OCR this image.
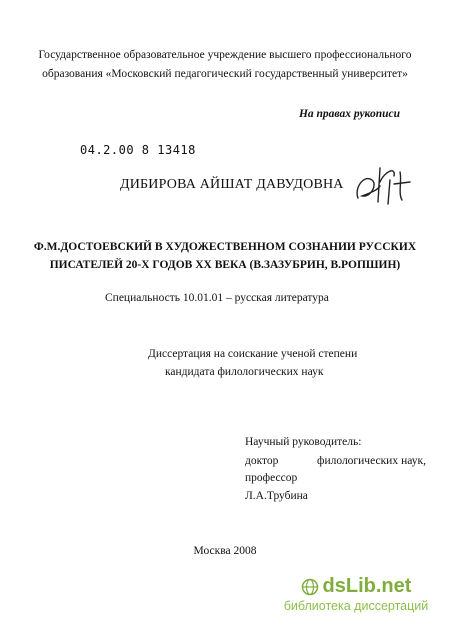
Государственное образовательное учреждение высшего профессионального
образования «Московский педагогический государственный университет»
На правах рукописи
04.2.00 8 13418
ДИБИРОВА АЙШАТ ДАВУДОВНА
Ф.М.ДОСТОЕВСКИЙ В ХУДОЖЕСТВЕННОМ СОЗНАНИИ РУССКИХ
ПИСАТЕЛЕЙ 20-Х ГОДОВ XX ВЕКА (В.ЗАЗУБРИН, В.РОПШИН)
Специальность 10.01.01 – русская литература
Диссертация на соискание ученой степени
кандидата филологических наук
Научный руководитель:
доктор	филологических наук,
профессор
Л.А.Трубина
Москва 2008
dsLib.net
библиотека диссертаций
